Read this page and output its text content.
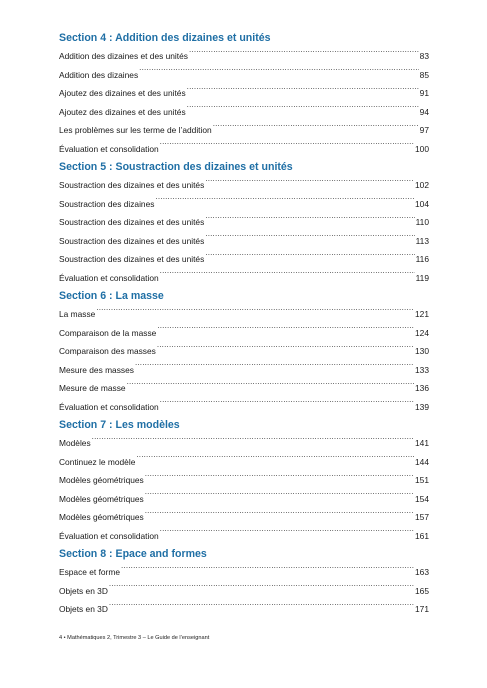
Section 4 : Addition des dizaines et unités
Addition des dizaines et des unités .....	83
Addition des dizaines .....	85
Ajoutez des dizaines et des unités .....	91
Ajoutez des dizaines et des unités .....	94
Les problèmes sur les terme de l’addition .....	97
Évaluation et consolidation .....	100
Section 5 : Soustraction des dizaines et unités
Soustraction des dizaines et des unités .....	102
Soustraction des dizaines .....	104
Soustraction des dizaines et des unités .....	110
Soustraction des dizaines et des unités .....	113
Soustraction des dizaines et des unités .....	116
Évaluation et consolidation .....	119
Section 6 : La masse
La masse .....	121
Comparaison de la masse .....	124
Comparaison des masses .....	130
Mesure des masses .....	133
Mesure de masse .....	136
Évaluation et consolidation .....	139
Section 7 : Les modèles
Modèles .....	141
Continuez le modèle .....	144
Modèles géométriques .....	151
Modèles géométriques .....	154
Modèles géométriques .....	157
Évaluation et consolidation .....	161
Section 8 : Epace and formes
Espace et forme .....	163
Objets en 3D .....	165
Objets en 3D .....	171
4 • Mathématiques 2, Trimestre 3 – Le Guide de l’enseignant
